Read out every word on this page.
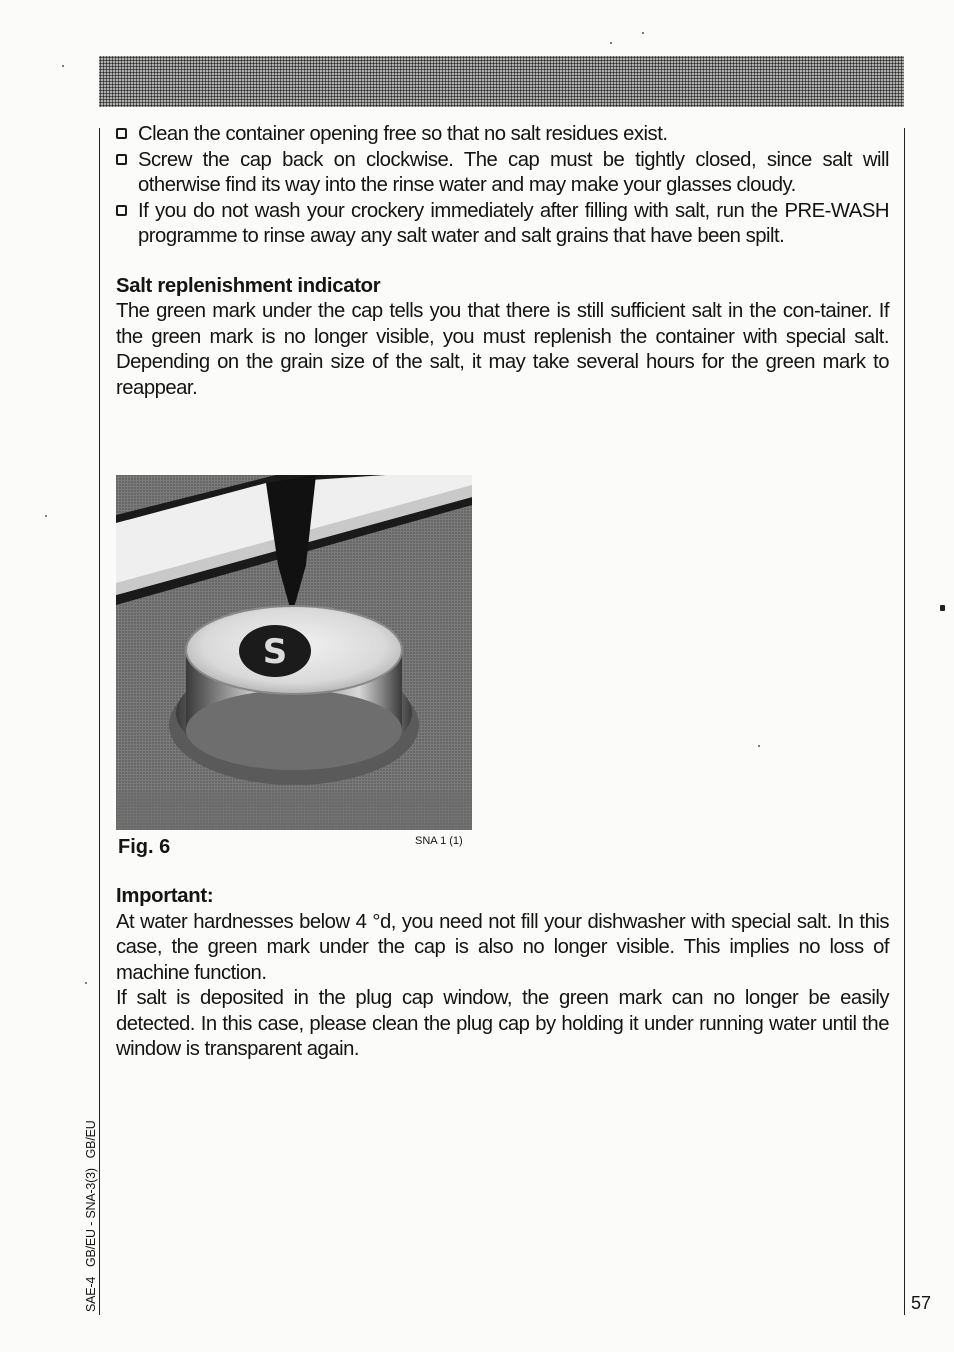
Clean the container opening free so that no salt residues exist.
Screw the cap back on clockwise. The cap must be tightly closed, since salt will otherwise find its way into the rinse water and may make your glasses cloudy.
If you do not wash your crockery immediately after filling with salt, run the PRE-WASH programme to rinse away any salt water and salt grains that have been spilt.
Salt replenishment indicator
The green mark under the cap tells you that there is still sufficient salt in the con-tainer. If the green mark is no longer visible, you must replenish the container with special salt. Depending on the grain size of the salt, it may take several hours for the green mark to reappear.
S
Fig. 6	SNA 1 (1)
Important:
At water hardnesses below 4 °d, you need not fill your dishwasher with special salt. In this case, the green mark under the cap is also no longer visible. This implies no loss of machine function.
If salt is deposited in the plug cap window, the green mark can no longer be easily detected. In this case, please clean the plug cap by holding it under running water until the window is transparent again.
SAE-4   GB/EU - SNA-3(3)   GB/EU	57
